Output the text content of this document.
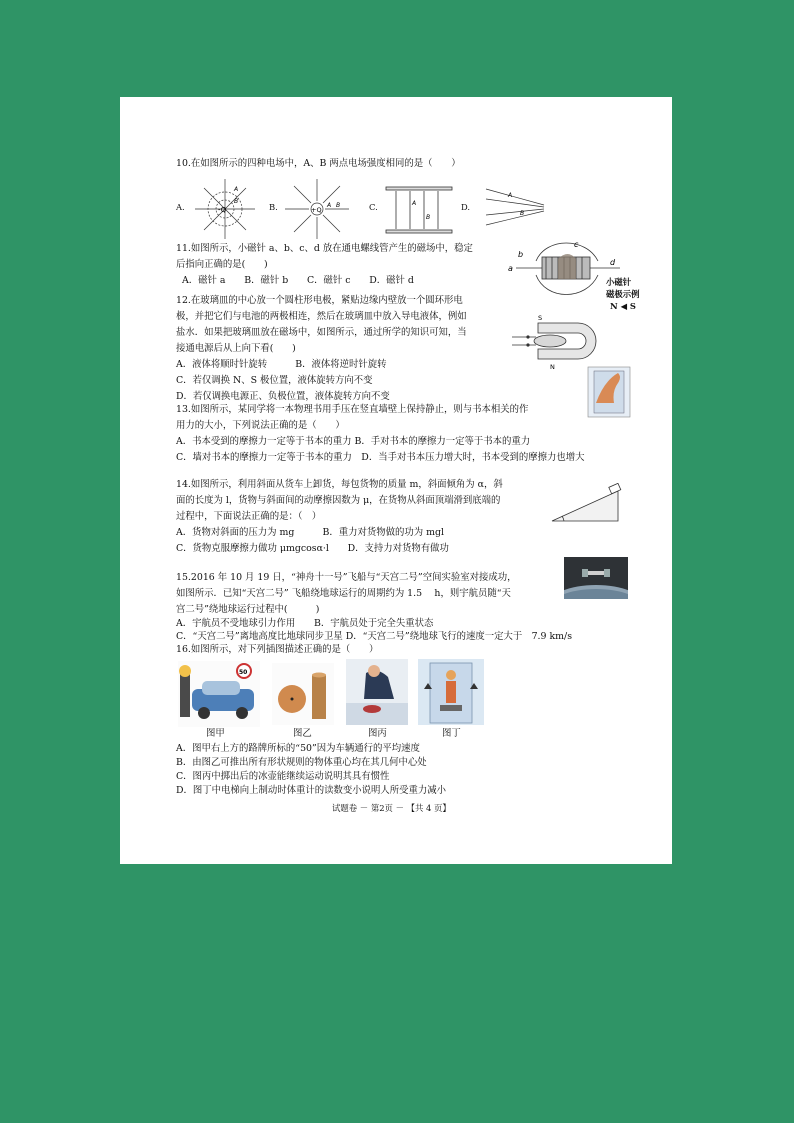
10.在如图所示的四种电场中，A、B 两点电场强度相同的是（　　）
A.	-Q
A
B
B.	+Q
A B	C.	A
B
D.
A
B
11.如图所示，小磁针 a、b、c、d 放在通电螺线管产生的磁场中，稳定
后指向正确的是(　　)
A．磁针 a　　B．磁针 b　　C．磁针 c　　D．磁针 d
b
a
c
d
小磁针
磁极示例
N ◀ S
12.在玻璃皿的中心放一个圆柱形电极，紧贴边缘内壁放一个圆环形电
极，并把它们与电池的两极相连，然后在玻璃皿中放入导电液体，例如
盐水．如果把玻璃皿放在磁场中，如图所示，通过所学的知识可知，当
接通电源后从上向下看(　　)
A．液体将顺时针旋转　　　B．液体将逆时针旋转
C．若仅调换 N、S 极位置，液体旋转方向不变
D．若仅调换电源正、负极位置，液体旋转方向不变
S
N
13.如图所示，某同学将一本物理书用手压在竖直墙壁上保持静止，则与书本相关的作
用力的大小，下列说法正确的是（　　）
A．书本受到的摩擦力一定等于书本的重力 B．手对书本的摩擦力一定等于书本的重力
C．墙对书本的摩擦力一定等于书本的重力　D．当手对书本压力增大时，书本受到的摩擦力也增大
14.如图所示，利用斜面从货车上卸货，每包货物的质量 m，斜面倾角为 α，斜
面的长度为 l，货物与斜面间的动摩擦因数为 μ，在货物从斜面顶端滑到底端的
过程中，下面说法正确的是：（　）
A．货物对斜面的压力为 mg　　　B．重力对货物做的功为 mgl
C．货物克服摩擦力做功 μmgcosα·l　　D．支持力对货物有做功
15.2016 年 10 月 19 日，“神舟十一号”飞船与“天宫二号”空间实验室对接成功，
如图所示．已知“天宫二号” 飞船绕地球运行的周期约为 1.5　 h，则宇航员随“天
宫二号”绕地球运行过程中(　　　)
A．宇航员不受地球引力作用　　B．宇航员处于完全失重状态
C．“天宫二号”离地高度比地球同步卫星 D．“天宫二号”绕地球飞行的速度一定大于　7.9 km/s
16.如图所示，对下列插图描述正确的是（　　）
50
图甲	图乙	图丙	图丁
A．图甲右上方的路牌所标的“50”因为车辆通行的平均速度
B．由图乙可推出所有形状规则的物体重心均在其几何中心处
C．图丙中掷出后的冰壶能继续运动说明其具有惯性
D．图丁中电梯向上制动时体重计的读数变小说明人所受重力减小
试题卷 － 第2页 － 【共 4 页】
